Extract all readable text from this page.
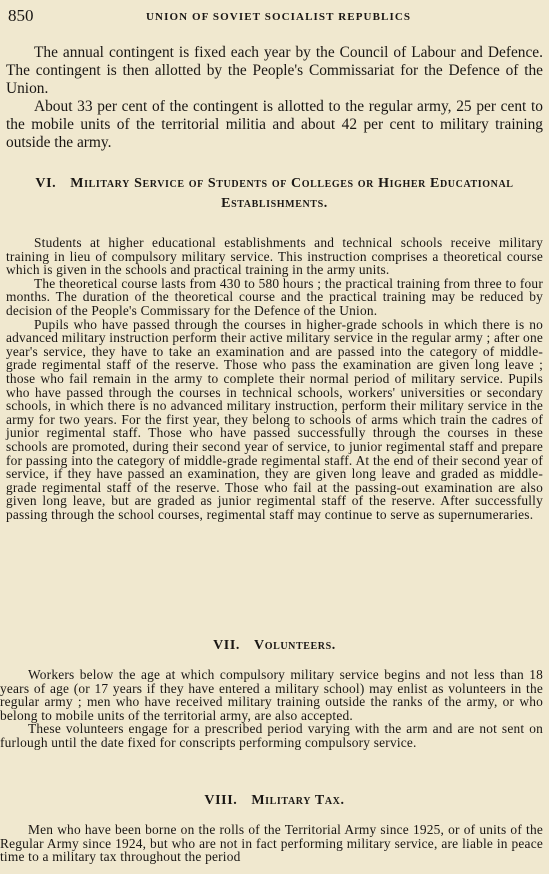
850	UNION OF SOVIET SOCIALIST REPUBLICS

The annual contingent is fixed each year by the Council of Labour and Defence. The contingent is then allotted by the People's Commissariat for the Defence of the Union.

About 33 per cent of the contingent is allotted to the regular army, 25 per cent to the mobile units of the territorial militia and about 42 per cent to military training outside the army.

VI. Military Service of Students of Colleges or Higher Educational Establishments.

Students at higher educational establishments and technical schools receive military training in lieu of compulsory military service. This instruction comprises a theoretical course which is given in the schools and practical training in the army units.

The theoretical course lasts from 430 to 580 hours ; the practical training from three to four months. The duration of the theoretical course and the practical training may be reduced by decision of the People's Commissary for the Defence of the Union.

Pupils who have passed through the courses in higher-grade schools in which there is no advanced military instruction perform their active military service in the regular army ; after one year's service, they have to take an examination and are passed into the category of middle-grade regimental staff of the reserve. Those who pass the examination are given long leave ; those who fail remain in the army to complete their normal period of military service. Pupils who have passed through the courses in technical schools, workers' universities or secondary schools, in which there is no advanced military instruction, perform their military service in the army for two years. For the first year, they belong to schools of arms which train the cadres of junior regimental staff. Those who have passed successfully through the courses in these schools are promoted, during their second year of service, to junior regimental staff and prepare for passing into the category of middle-grade regimental staff. At the end of their second year of service, if they have passed an examination, they are given long leave and graded as middle-grade regimental staff of the reserve. Those who fail at the passing-out examination are also given long leave, but are graded as junior regimental staff of the reserve. After successfully passing through the school courses, regimental staff may continue to serve as supernumeraries.

VII. Volunteers.

Workers below the age at which compulsory military service begins and not less than 18 years of age (or 17 years if they have entered a military school) may enlist as volunteers in the regular army ; men who have received military training outside the ranks of the army, or who belong to mobile units of the territorial army, are also accepted.

These volunteers engage for a prescribed period varying with the arm and are not sent on furlough until the date fixed for conscripts performing compulsory service.

VIII. Military Tax.

Men who have been borne on the rolls of the Territorial Army since 1925, or of units of the Regular Army since 1924, but who are not in fact performing military service, are liable in peace time to a military tax throughout the period
